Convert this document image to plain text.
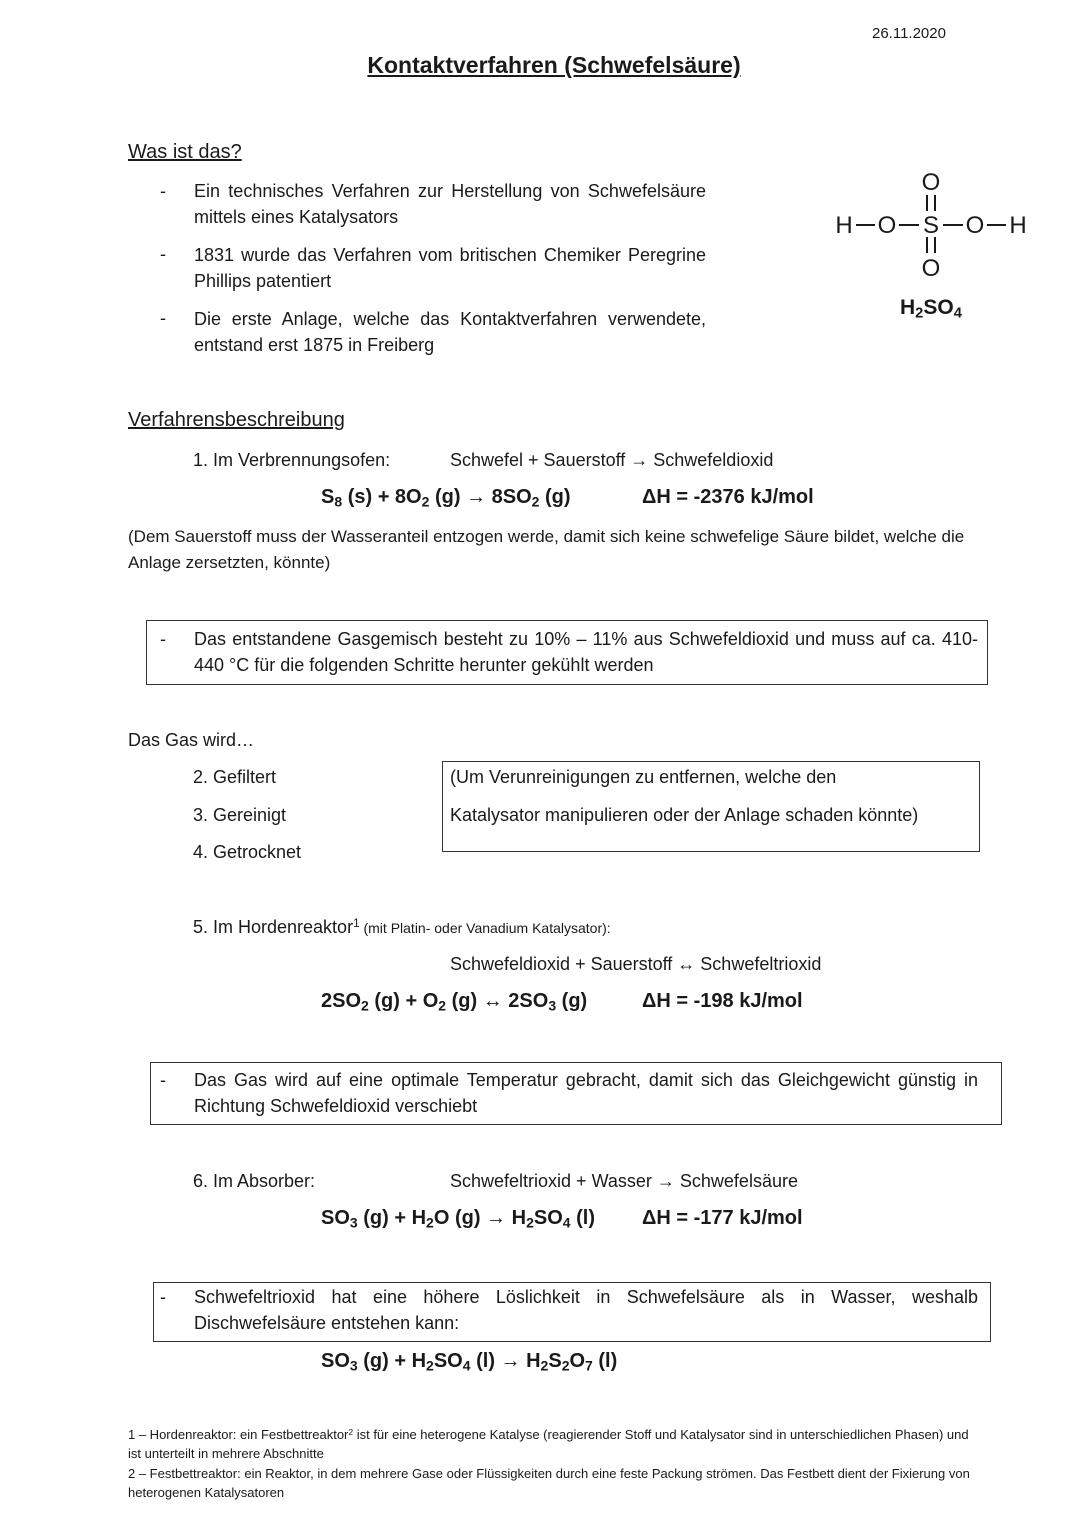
26.11.2020
Kontaktverfahren (Schwefelsäure)
Was ist das?
- Ein technisches Verfahren zur Herstellung von Schwefelsäure mittels eines Katalysators
- 1831 wurde das Verfahren vom britischen Chemiker Peregrine Phillips patentiert
- Die erste Anlage, welche das Kontaktverfahren verwendete, entstand erst 1875 in Freiberg
O
H O S O H
O
$H_2SO_4$
Verfahrensbeschreibung
1. Im Verbrennungsofen:	Schwefel + Sauerstoff → Schwefeldioxid
$S_8$ $(s) + 8O_2$ $(g) \to 8SO_2$ (g)	ΔH = -2376 kJ/mol
(Dem Sauerstoff muss der Wasseranteil entzogen werde, damit sich keine schwefelige Säure bildet, welche die Anlage zersetzten, könnte)
- Das entstandene Gasgemisch besteht zu 10% – 11% aus Schwefeldioxid und muss auf ca. 410-440 °C für die folgenden Schritte herunter gekühlt werden
Das Gas wird…
2. Gefiltert
3. Gereinigt
4. Getrocknet
(Um Verunreinigungen zu entfernen, welche den
Katalysator manipulieren oder der Anlage schaden könnte)
5. Im Hordenreaktor$^1$ (mit Platin- oder Vanadium Katalysator):
Schwefeldioxid + Sauerstoff ↔ Schwefeltrioxid
$2SO_2$ $(g) + O_2$ (g) ↔ $2SO_3$ (g)	ΔH = -198 kJ/mol
- Das Gas wird auf eine optimale Temperatur gebracht, damit sich das Gleichgewicht günstig in Richtung Schwefeldioxid verschiebt
6. Im Absorber:	Schwefeltrioxid + Wasser → Schwefelsäure
$SO_3$ $(g) + H_2O$ $(g) \to H_2SO_4$ (l) ΔH = -177 kJ/mol
- Schwefeltrioxid hat eine höhere Löslichkeit in Schwefelsäure als in Wasser, weshalb Dischwefelsäure entstehen kann:
$SO_3$ $(g) + H_2SO_4$ $(l) \to H_2S_2O_7$ (l)
1 – Hordenreaktor: ein Festbettreaktor$^2$ ist für eine heterogene Katalyse (reagierender Stoff und Katalysator sind in unterschiedlichen Phasen) und ist unterteilt in mehrere Abschnitte
2 – Festbettreaktor: ein Reaktor, in dem mehrere Gase oder Flüssigkeiten durch eine feste Packung strömen. Das Festbett dient der Fixierung von heterogenen Katalysatoren
